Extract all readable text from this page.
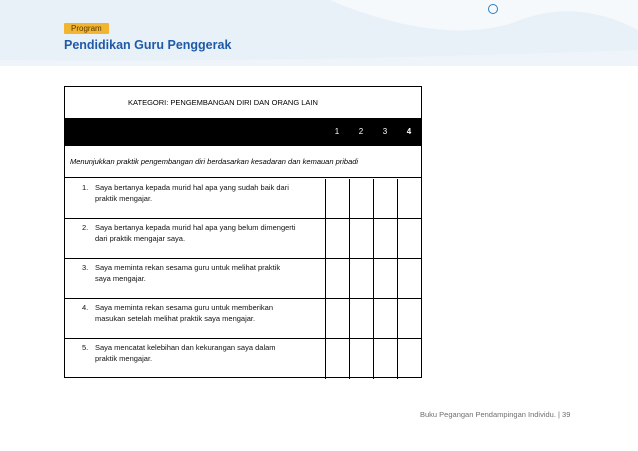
Program
Pendidikan Guru Penggerak
KATEGORI: PENGEMBANGAN DIRI DAN ORANG LAIN
1	2	3	4
Menunjukkan praktik pengembangan diri berdasarkan kesadaran dan kemauan pribadi
1. Saya bertanya kepada murid hal apa yang sudah baik dari
praktik mengajar.
2. Saya bertanya kepada murid hal apa yang belum dimengerti
dari praktik mengajar saya.
3. Saya meminta rekan sesama guru untuk melihat praktik
saya mengajar.
4. Saya meminta rekan sesama guru untuk memberikan
masukan setelah melihat praktik saya mengajar.
5. Saya mencatat kelebihan dan kekurangan saya dalam
praktik mengajar.
Buku Pegangan Pendampingan Individu. | 39
